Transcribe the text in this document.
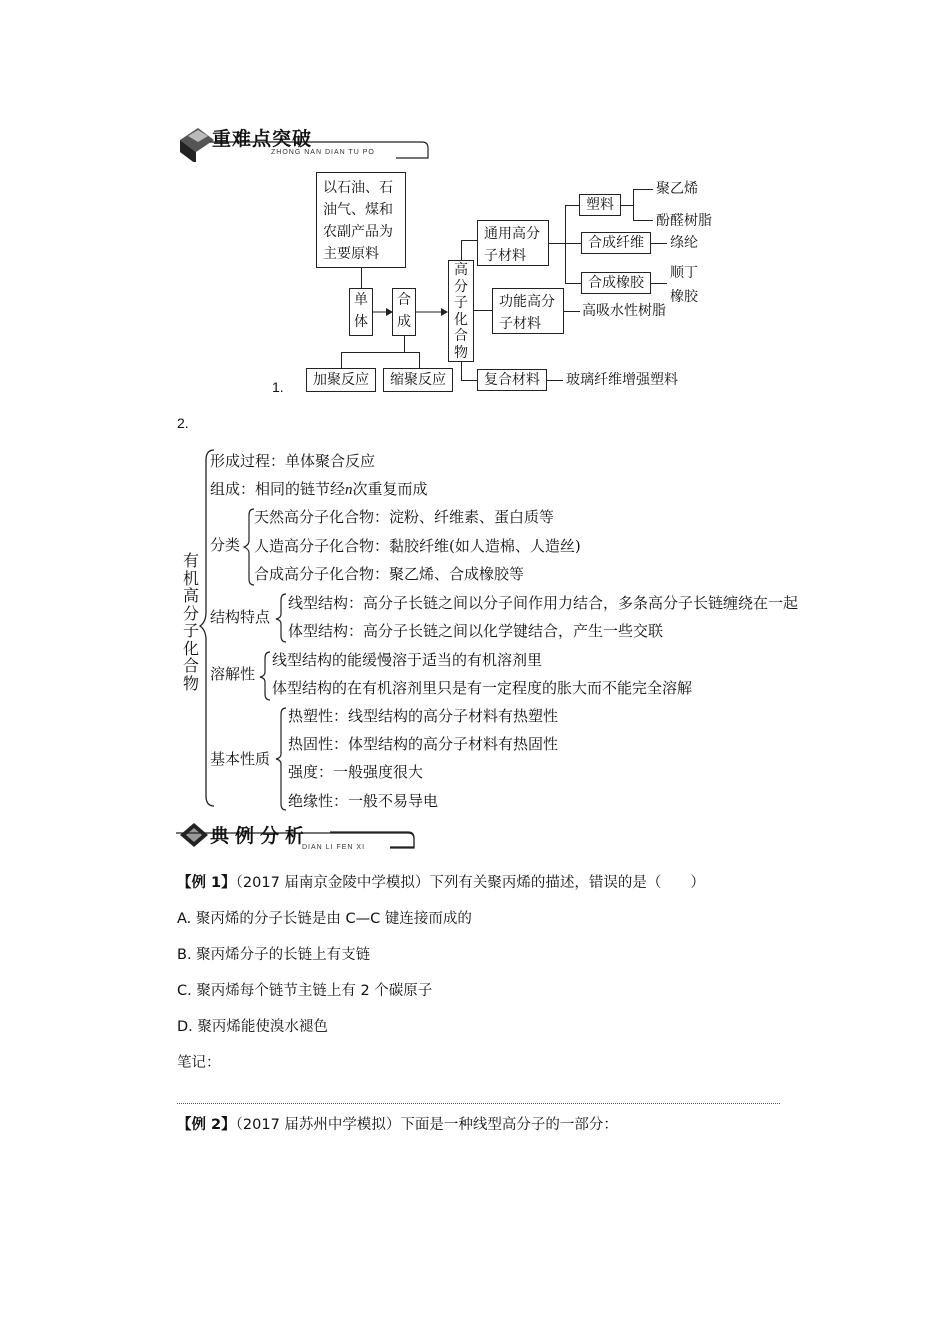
重难点突破
ZHONG NAN DIAN TU PO
以石油、石
油气、煤和
农副产品为
主要原料
单
体
合
成
加聚反应	缩聚反应
1.
高
分
子
化
合
物
通用高分
子材料
功能高分
子材料
复合材料
塑料
合成纤维
合成橡胶
聚乙烯
酚醛树脂
绦纶
顺丁
橡胶
高吸水性树脂
玻璃纤维增强塑料
2.
有
机
高
分
子
化
合
物
形成过程：单体聚合反应
组成：相同的链节经n次重复而成
分类
天然高分子化合物：淀粉、纤维素、蛋白质等
人造高分子化合物：黏胶纤维(如人造棉、人造丝)
合成高分子化合物：聚乙烯、合成橡胶等
结构特点
线型结构：高分子长链之间以分子间作用力结合，多条高分子长链缠绕在一起
体型结构：高分子长链之间以化学键结合，产生一些交联
溶解性
线型结构的能缓慢溶于适当的有机溶剂里
体型结构的在有机溶剂里只是有一定程度的胀大而不能完全溶解
基本性质
热塑性：线型结构的高分子材料有热塑性
热固性：体型结构的高分子材料有热固性
强度：一般强度很大
绝缘性：一般不易导电
典例分析
DIAN LI FEN XI
【例 1】（2017 届南京金陵中学模拟）下列有关聚丙烯的描述，错误的是（　　）
A. 聚丙烯的分子长链是由 C—C 键连接而成的
B. 聚丙烯分子的长链上有支链
C. 聚丙烯每个链节主链上有 2 个碳原子
D. 聚丙烯能使溴水褪色
笔记：
【例 2】（2017 届苏州中学模拟）下面是一种线型高分子的一部分：
